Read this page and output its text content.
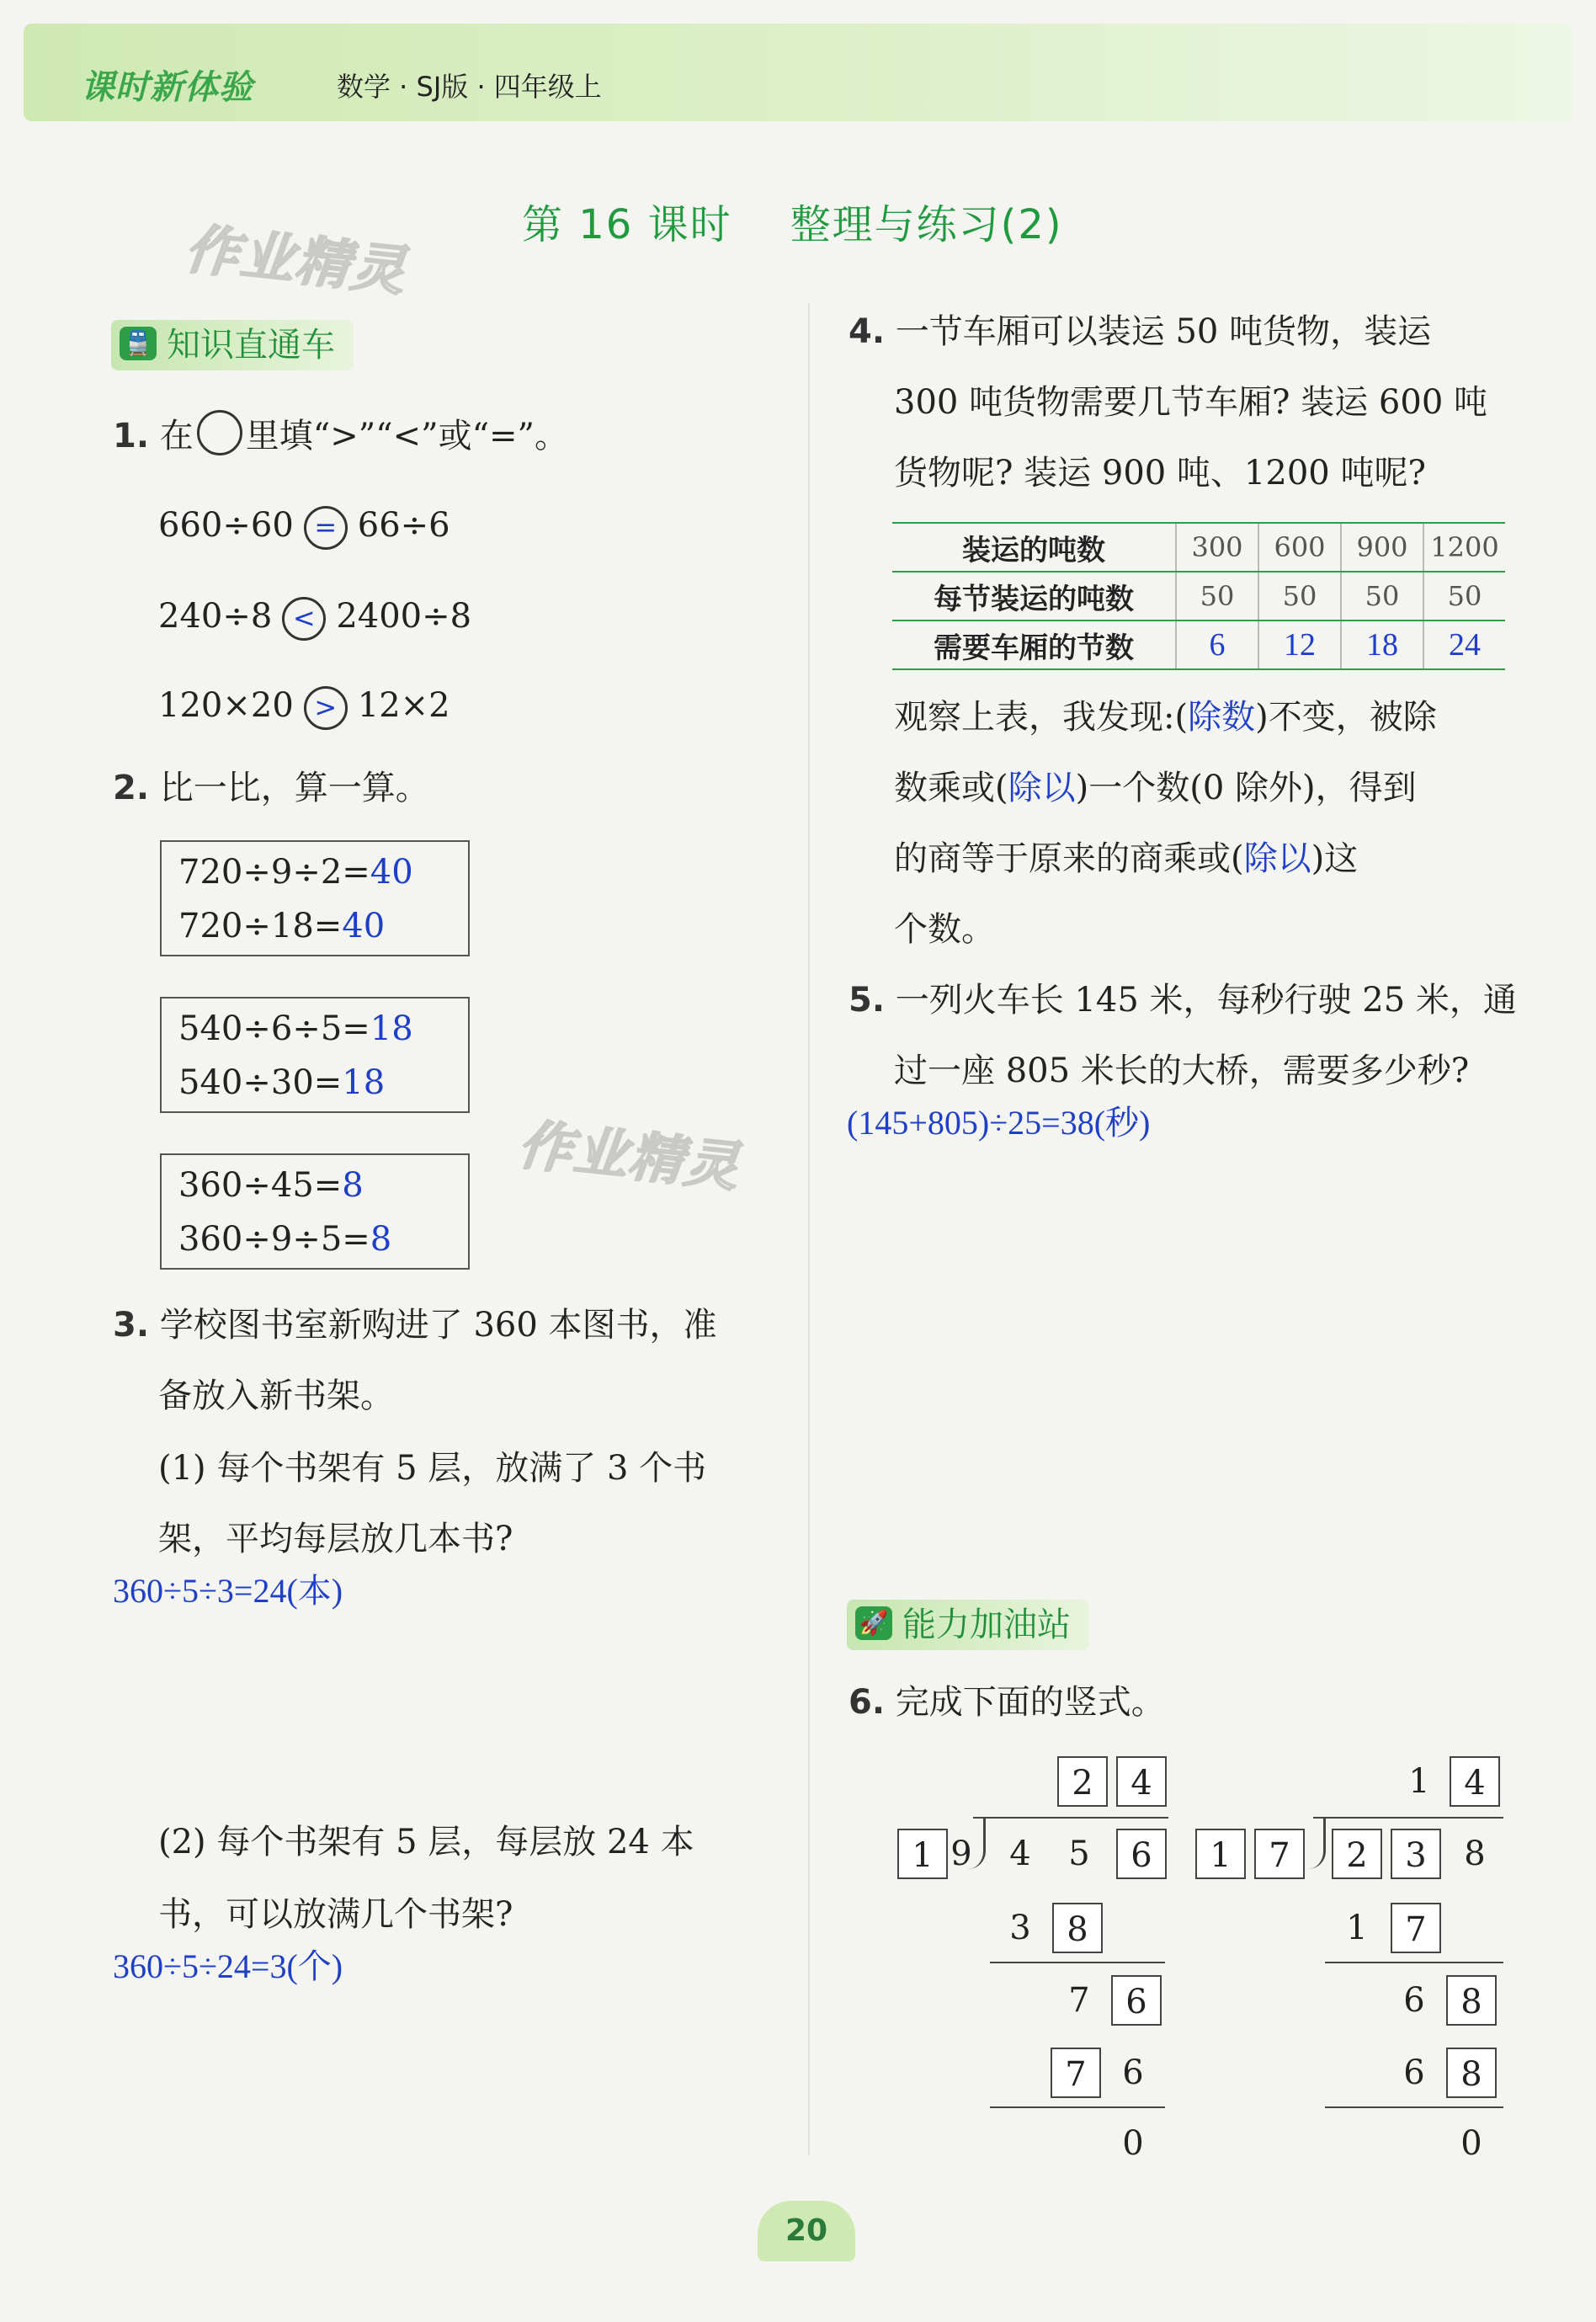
课时新体验	数学 · SJ版 · 四年级上
第 16 课时    整理与练习(2)
作业精灵
作业精灵
🚆 知识直通车
1. 在 里填“>”“<”或“=”。
660÷60 = 66÷6
240÷8 < 2400÷8
120×20 > 12×2
2. 比一比，算一算。
720÷9÷2=40
720÷18=40
540÷6÷5=18
540÷30=18
360÷45=8
360÷9÷5=8
3. 学校图书室新购进了 360 本图书，准
备放入新书架。
(1) 每个书架有 5 层，放满了 3 个书
架，平均每层放几本书?
360÷5÷3=24(本)
(2) 每个书架有 5 层，每层放 24 本
书，可以放满几个书架?
360÷5÷24=3(个)
4. 一节车厢可以装运 50 吨货物，装运
300 吨货物需要几节车厢? 装运 600 吨
货物呢? 装运 900 吨、1200 吨呢?
装运的吨数	300	600	900	1200
每节装运的吨数	50	50	50	50
需要车厢的节数	6	12	18	24
观察上表，我发现:(除数)不变，被除
数乘或(除以)一个数(0 除外)，得到
的商等于原来的商乘或(除以)这
个数。
5. 一列火车长 145 米，每秒行驶 25 米，通
过一座 805 米长的大桥，需要多少秒?
(145+805)÷25=38(秒)
🚀 能力加油站
6. 完成下面的竖式。
2	4
1 9	4	5	6
3	8
7	6
7	6
0
1	4
1	7	2	3	8
1	7
6	8
6	8
0
20
